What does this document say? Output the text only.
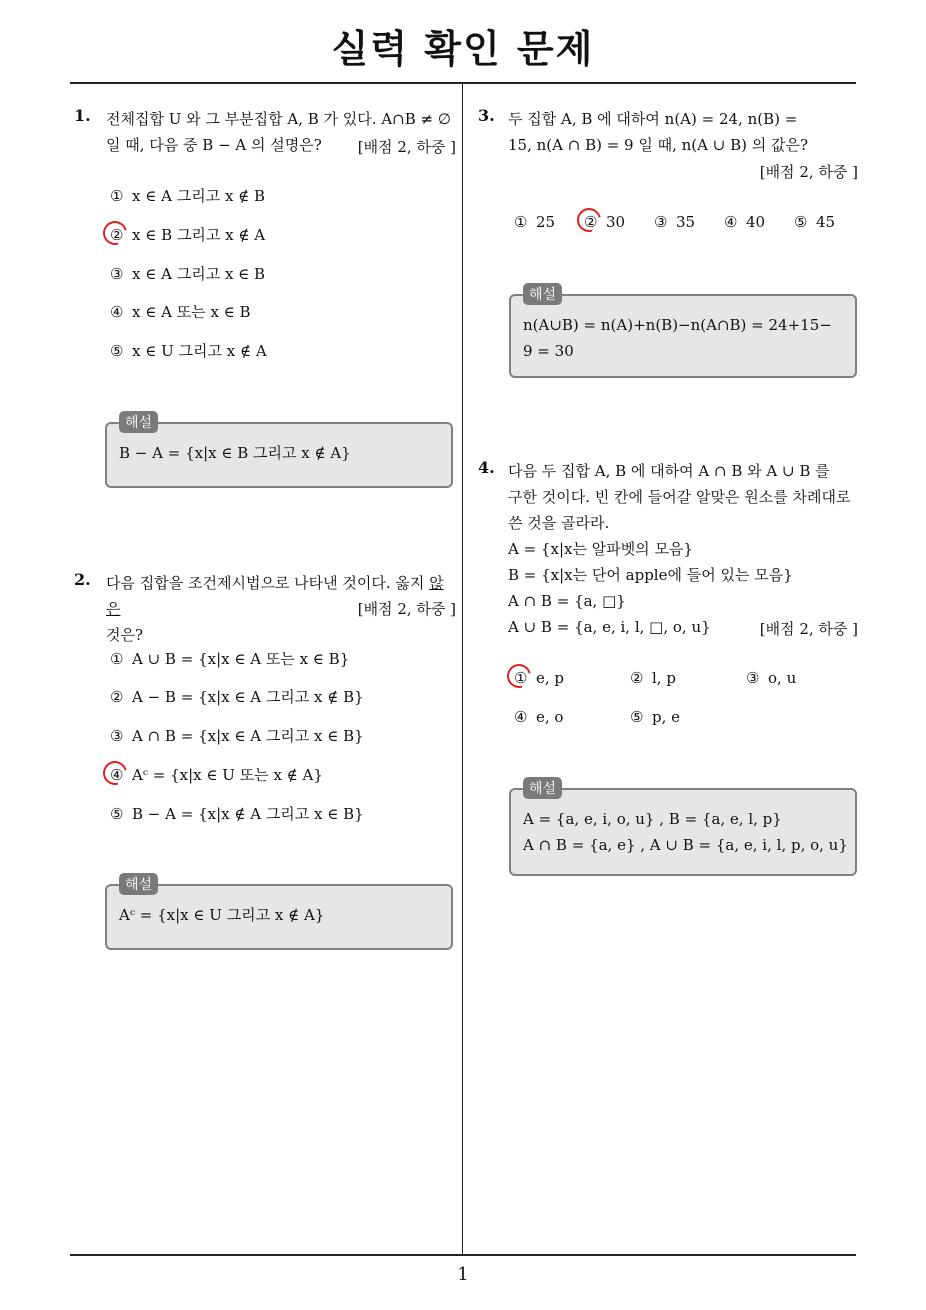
실력 확인 문제
1. 전체집합 U 와 그 부분집합 A, B 가 있다. A∩B ≠ ∅
일 때, 다음 중 B − A 의 설명은?	[배점 2, 하중 ]
① x ∈ A 그리고 x ∉ B
② x ∈ B 그리고 x ∉ A
③ x ∈ A 그리고 x ∈ B
④ x ∈ A 또는 x ∈ B
⑤ x ∈ U 그리고 x ∉ A
해설
B − A = {x|x ∈ B 그리고 x ∉ A}
2. 다음 집합을 조건제시법으로 나타낸 것이다. 옳지 않은
것은?
[배점 2, 하중 ]
① A ∪ B = {x|x ∈ A 또는 x ∈ B}
② A − B = {x|x ∈ A 그리고 x ∉ B}
③ A ∩ B = {x|x ∈ A 그리고 x ∈ B}
④ Aᶜ = {x|x ∈ U 또는 x ∉ A}
⑤ B − A = {x|x ∉ A 그리고 x ∈ B}
해설
Aᶜ = {x|x ∈ U 그리고 x ∉ A}
3. 두 집합 A, B 에 대하여 n(A) = 24, n(B) =
15, n(A ∩ B) = 9 일 때, n(A ∪ B) 의 값은?
[배점 2, 하중 ]
① 25 ② 30 ③ 35 ④ 40 ⑤ 45
해설
n(A∪B) = n(A)+n(B)−n(A∩B) = 24+15−
9 = 30
4. 다음 두 집합 A, B 에 대하여 A ∩ B 와 A ∪ B 를
구한 것이다. 빈 칸에 들어갈 알맞은 원소를 차례대로
쓴 것을 골라라.
A = {x|x는 알파벳의 모음}
B = {x|x는 단어 apple에 들어 있는 모음}
A ∩ B = {a, □}
A ∪ B = {a, e, i, l, □, o, u}	[배점 2, 하중 ]
① e, p	② l, p	③ o, u
④ e, o	⑤ p, e
해설
A = {a, e, i, o, u} , B = {a, e, l, p}
A ∩ B = {a, e} , A ∪ B = {a, e, i, l, p, o, u}
1
